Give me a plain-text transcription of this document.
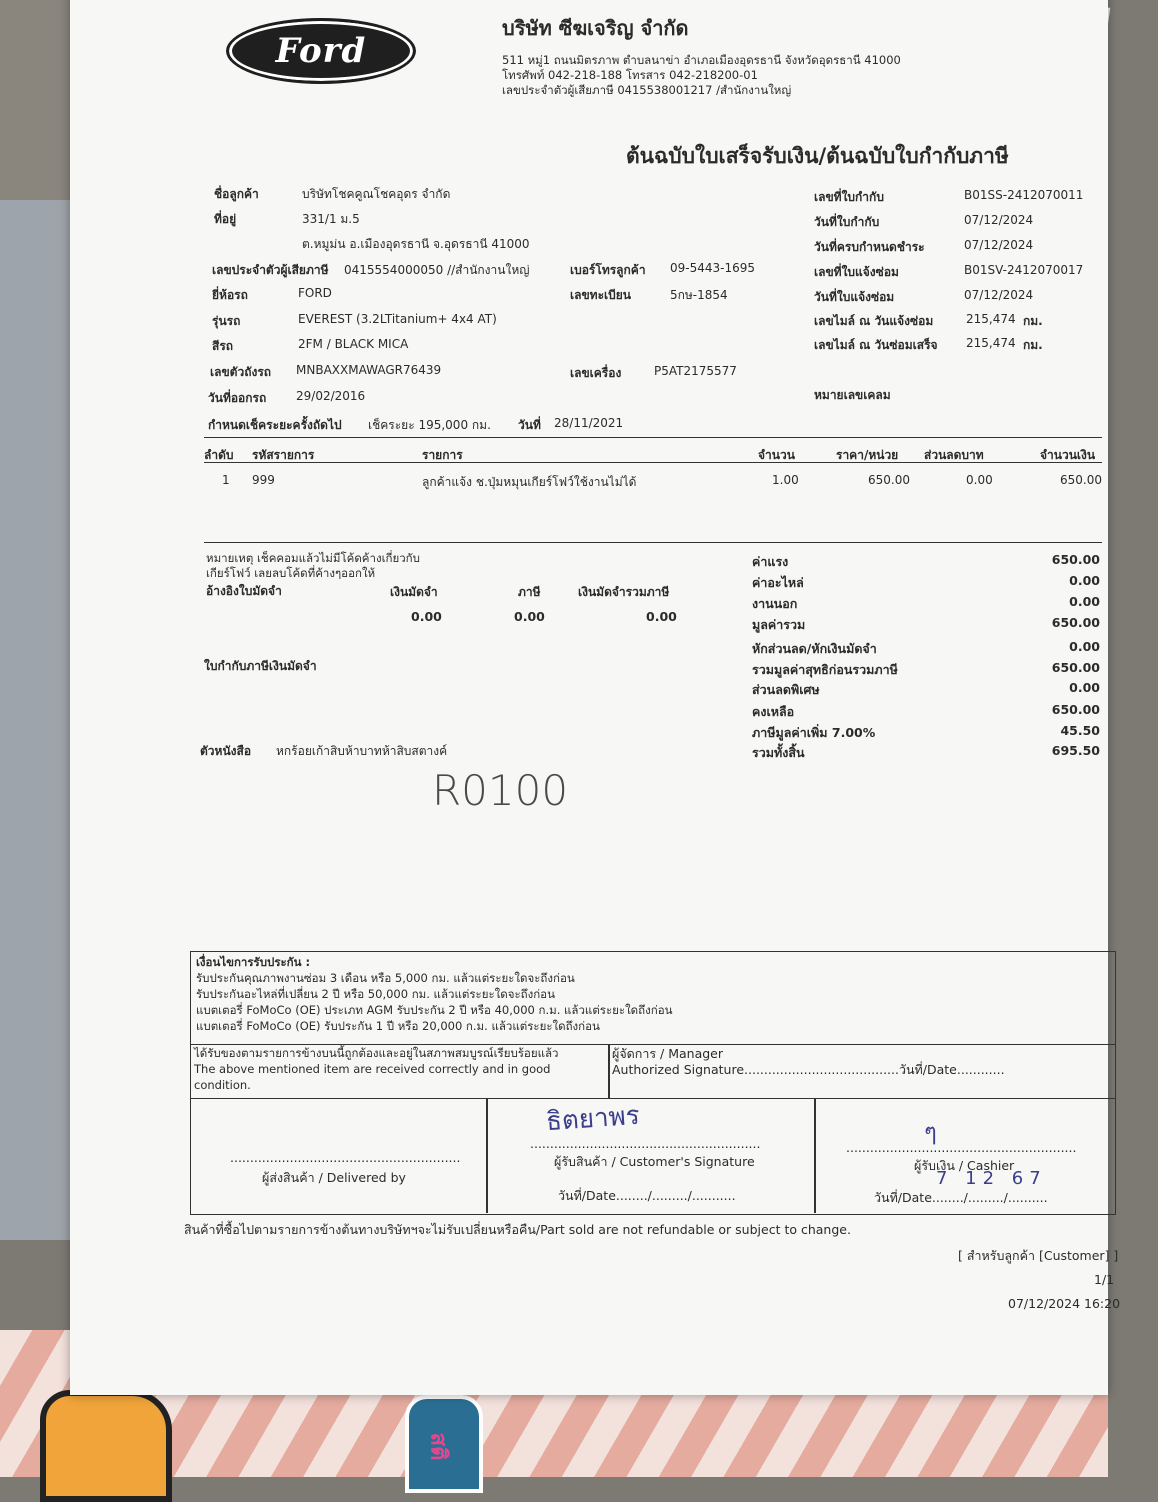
สติ
Ford
บริษัท ซีฆเจริญ จำกัด
511 หมู่1 ถนนมิตรภาพ ตำบลนาข่า อำเภอเมืองอุดรธานี จังหวัดอุดรธานี 41000
โทรศัพท์ 042-218-188 โทรสาร 042-218200-01
เลขประจำตัวผู้เสียภาษี 0415538001217 /สำนักงานใหญ่
ต้นฉบับใบเสร็จรับเงิน/ต้นฉบับใบกำกับภาษี
ชื่อลูกค้า	บริษัทโชคคูณโชคอุดร จำกัด
ที่อยู่	331/1 ม.5
ต.หมูม่น อ.เมืองอุดรธานี จ.อุดรธานี 41000
เลขประจำตัวผู้เสียภาษี 0415554000050 //สำนักงานใหญ่	เบอร์โทรลูกค้า 09-5443-1695
ยี่ห้อรถ	FORD	เลขทะเบียน	5กษ-1854
รุ่นรถ	EVEREST (3.2LTitanium+ 4x4 AT)
สีรถ	2FM / BLACK MICA
เลขตัวถังรถ MNBAXXMAWAGR76439	เลขเครื่อง	P5AT2175577
วันที่ออกรถ 29/02/2016
กำหนดเช็คระยะครั้งถัดไป เช็คระยะ 195,000 กม. วันที่ 28/11/2021
เลขที่ใบกำกับ	B01SS-2412070011
วันที่ใบกำกับ	07/12/2024
วันที่ครบกำหนดชำระ	07/12/2024
เลขที่ใบแจ้งซ่อม	B01SV-2412070017
วันที่ใบแจ้งซ่อม	07/12/2024
เลขไมล์ ณ วันแจ้งซ่อม	215,474 กม.
เลขไมล์ ณ วันซ่อมเสร็จ 215,474 กม.
หมายเลขเคลม
ลำดับ รหัสรายการ	รายการ	จำนวน	ราคา/หน่วย ส่วนลดบาท	จำนวนเงิน
1 999	ลูกค้าแจ้ง ช.ปุ่มหมุนเกียร์โฟว์ใช้งานไม่ได้	1.00	650.00	0.00	650.00
หมายเหตุ เช็คคอมแล้วไม่มีโค้ดค้างเกี่ยวกับ
เกียร์โฟว์ เลยลบโค้ดที่ค้างๆออกให้
อ้างอิงใบมัดจำ	เงินมัดจำ	ภาษี	เงินมัดจำรวมภาษี
0.00	0.00	0.00
ใบกำกับภาษีเงินมัดจำ
ตัวหนังสือ หกร้อยเก้าสิบห้าบาทห้าสิบสตางค์
ค่าแรง	650.00
ค่าอะไหล่	0.00
งานนอก	0.00
มูลค่ารวม	650.00
หักส่วนลด/หักเงินมัดจำ	0.00
รวมมูลค่าสุทธิก่อนรวมภาษี	650.00
ส่วนลดพิเศษ	0.00
คงเหลือ	650.00
ภาษีมูลค่าเพิ่ม 7.00%	45.50
รวมทั้งสิ้น	695.50
R0100
เงื่อนไขการรับประกัน :
รับประกันคุณภาพงานซ่อม 3 เดือน หรือ 5,000 กม. แล้วแต่ระยะใดจะถึงก่อน
รับประกันอะไหล่ที่เปลี่ยน 2 ปี หรือ 50,000 กม. แล้วแต่ระยะใดจะถึงก่อน
แบตเตอรี่ FoMoCo (OE) ประเภท AGM รับประกัน 2 ปี หรือ 40,000 ก.ม. แล้วแต่ระยะใดถึงก่อน
แบตเตอรี่ FoMoCo (OE) รับประกัน 1 ปี หรือ 20,000 ก.ม. แล้วแต่ระยะใดถึงก่อน
ได้รับของตามรายการข้างบนนี้ถูกต้องและอยู่ในสภาพสมบูรณ์เรียบร้อยแล้ว
The above mentioned item are received correctly and in good
condition.
ผู้จัดการ / Manager
Authorized Signature.......................................วันที่/Date............
..........................................................
ผู้ส่งสินค้า / Delivered by
ธิตยาพร
..........................................................
ผู้รับสินค้า / Customer's Signature
วันที่/Date......../........./...........
ๆ
..........................................................
ผู้รับเงิน / Cashier
วันที่/Date......../........./..........
7 12 67
สินค้าที่ซื้อไปตามรายการข้างต้นทางบริษัทฯจะไม่รับเปลี่ยนหรือคืน/Part sold are not refundable or subject to change.
[ สำหรับลูกค้า [Customer] ]
1/1
07/12/2024 16:20
